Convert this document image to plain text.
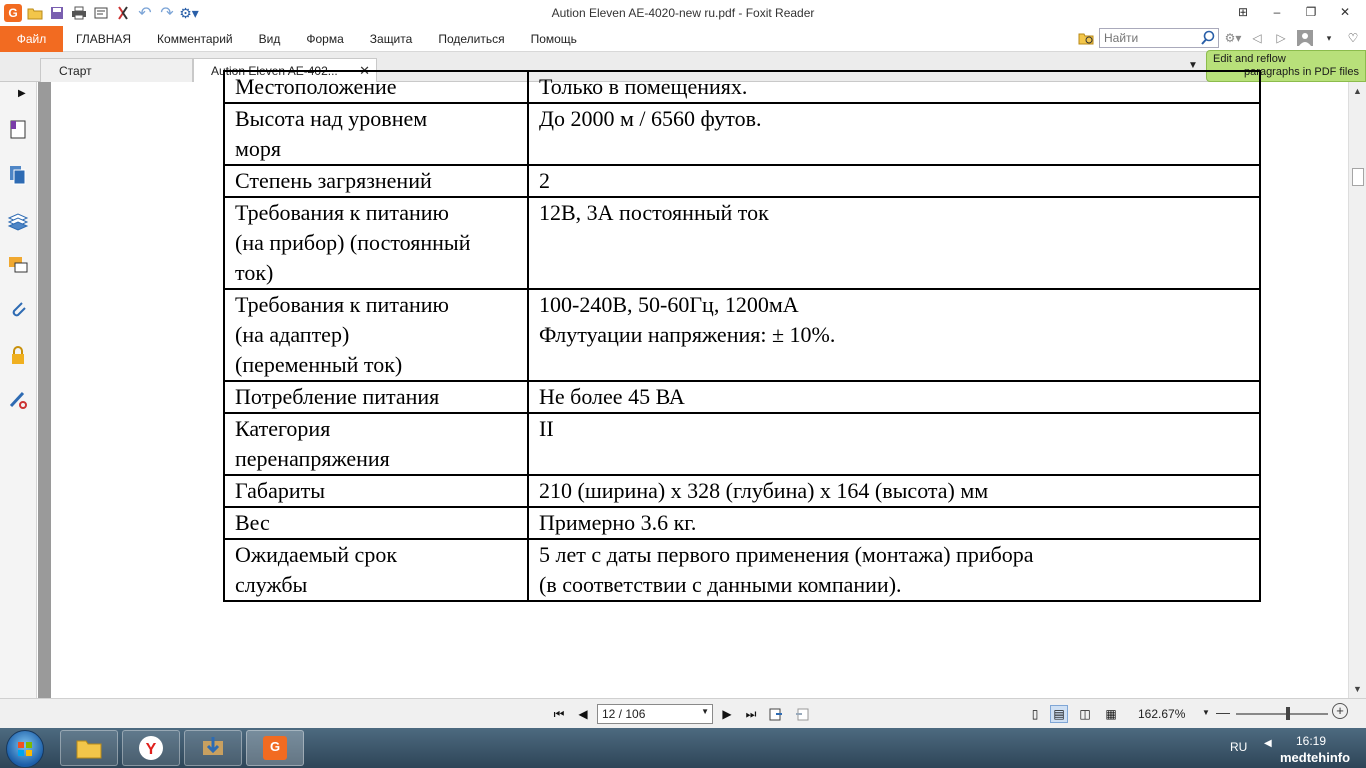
G	↶ ↷ ⚙▾	Aution Eleven AE-4020-new ru.pdf - Foxit Reader	⊞	–	❐	✕
Файл	ГЛАВНАЯ	Комментарий	Вид	Форма	Защита	Поделиться	Помощь
Найти	⚙▾ ◁	▷	▾	♡
Старт	Aution Eleven AE-402... ✕	▼
Edit and reflow
paragraphs in PDF files
▶	Местоположение	Только в помещениях.
Высота над уровнем
моря	До 2000 м / 6560 футов.
Степень загрязнений	2
Требования к питанию
(на прибор) (постоянный
ток)	12В, 3А постоянный ток
Требования к питанию
(на адаптер)
(переменный ток)	100-240В, 50-60Гц, 1200мА
Флутуации напряжения: ± 10%.
Потребление питания	Не более 45 ВА
Категория
перенапряжения	II
Габариты	210 (ширина) x 328 (глубина) x 164 (высота) мм
Вес	Примерно 3.6 кг.
Ожидаемый срок
службы	5 лет с даты первого применения (монтажа) прибора
(в соответствии с данными компании).
▲
▼
⏮	◀	12 / 106	▼	▶	⏭	▯	▤ ◫ ▦ 162.67% ▼ —	+
Y	G	RU ◀ 16:19
medtehinfo
